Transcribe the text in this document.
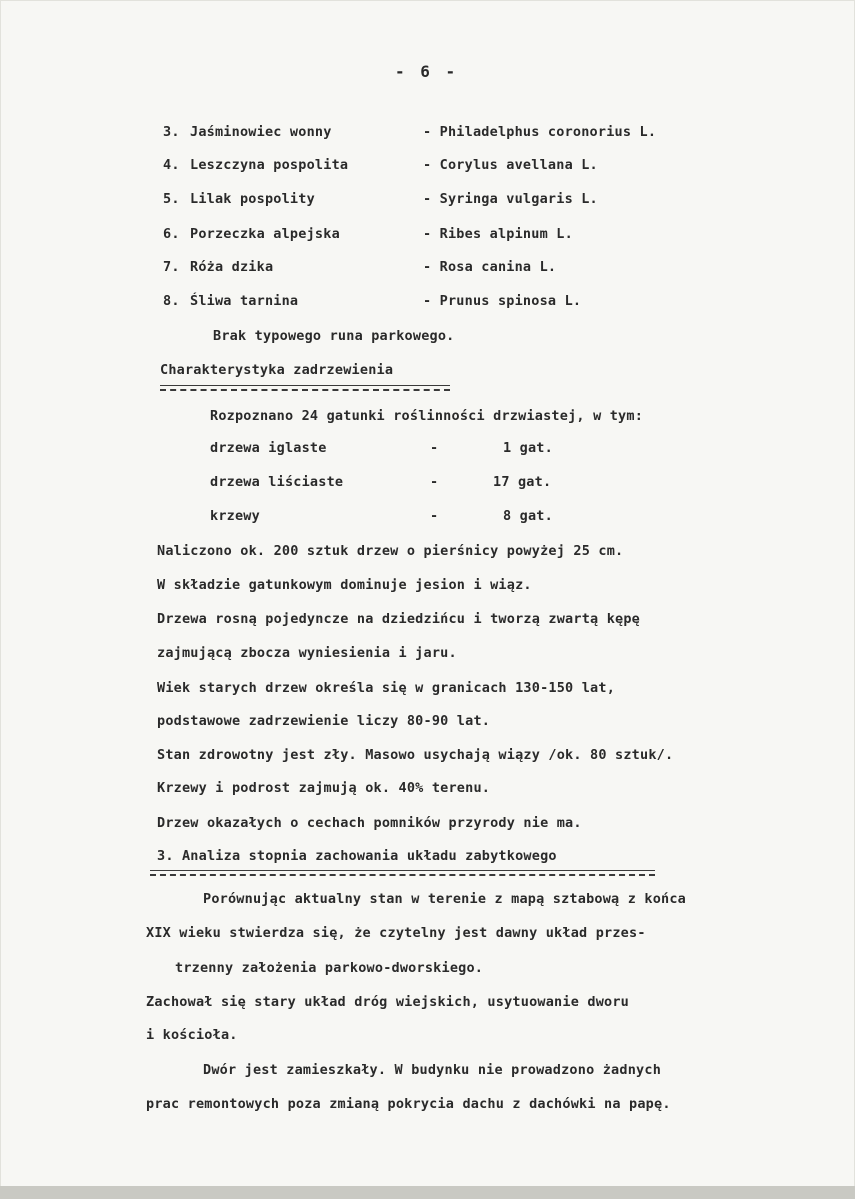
- 6 -
3. Jaśminowiec wonny	- Philadelphus coronorius L.
4. Leszczyna pospolita	- Corylus avellana L.
5. Lilak pospolity	- Syringa vulgaris L.
6. Porzeczka alpejska	- Ribes alpinum L.
7. Róża dzika	- Rosa canina L.
8. Śliwa tarnina	- Prunus spinosa L.
Brak typowego runa parkowego.
Charakterystyka zadrzewienia
Rozpoznano 24 gatunki roślinności drzwiastej, w tym:
drzewa iglaste	-	1 gat.
drzewa liściaste	-	17 gat.
krzewy	-	8 gat.
Naliczono ok. 200 sztuk drzew o pierśnicy powyżej 25 cm.
W składzie gatunkowym dominuje jesion i wiąz.
Drzewa rosną pojedyncze na dziedzińcu i tworzą zwartą kępę
zajmującą zbocza wyniesienia i jaru.
Wiek starych drzew określa się w granicach 130-150 lat,
podstawowe zadrzewienie liczy 80-90 lat.
Stan zdrowotny jest zły. Masowo usychają wiązy /ok. 80 sztuk/.
Krzewy i podrost zajmują ok. 40% terenu.
Drzew okazałych o cechach pomników przyrody nie ma.
3. Analiza stopnia zachowania układu zabytkowego
Porównując aktualny stan w terenie z mapą sztabową z końca
XIX wieku stwierdza się, że czytelny jest dawny układ przes-
trzenny założenia parkowo-dworskiego.
Zachował się stary układ dróg wiejskich, usytuowanie dworu
i kościoła.
Dwór jest zamieszkały. W budynku nie prowadzono żadnych
prac remontowych poza zmianą pokrycia dachu z dachówki na papę.
